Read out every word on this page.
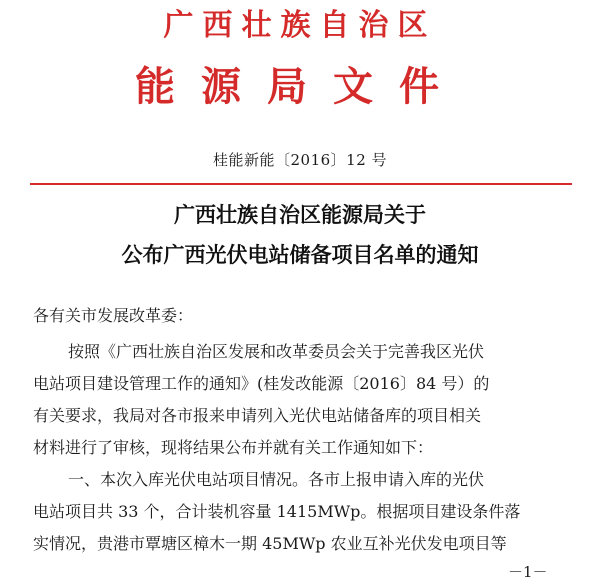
广西壮族自治区
能源局文件
桂能新能〔2016〕12 号
广西壮族自治区能源局关于
公布广西光伏电站储备项目名单的通知
各有关市发展改革委：
按照《广西壮族自治区发展和改革委员会关于完善我区光伏
电站项目建设管理工作的通知》(桂发改能源〔2016〕84 号）的
有关要求，我局对各市报来申请列入光伏电站储备库的项目相关
材料进行了审核，现将结果公布并就有关工作通知如下：
一、本次入库光伏电站项目情况。各市上报申请入库的光伏
电站项目共 33 个，合计装机容量 1415MWp。根据项目建设条件落
实情况，贵港市覃塘区樟木一期 45MWp 农业互补光伏发电项目等
－1－
